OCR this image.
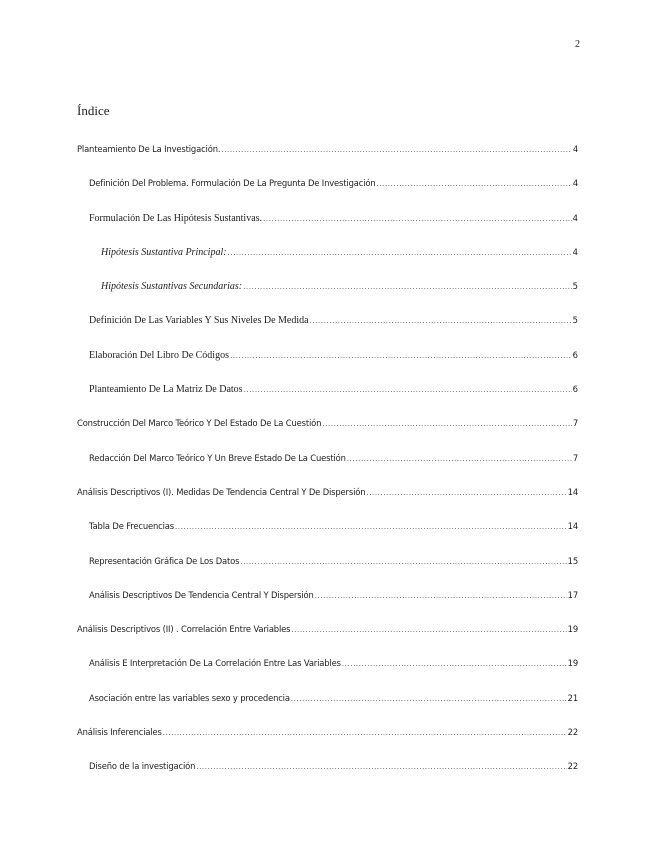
2
Índice
Planteamiento De La Investigación. .....	4
Definición Del Problema. Formulación De La Pregunta De Investigación .....	4
Formulación De Las Hipótesis Sustantivas. .....	4
Hipótesis Sustantiva Principal: .....	4
Hipótesis Sustantivas Secundarias: .....	5
Definición De Las Variables Y Sus Niveles De Medida .....	5
Elaboración Del Libro De Códigos .....	6
Planteamiento De La Matriz De Datos .....	6
Construcción Del Marco Teórico Y Del Estado De La Cuestión .....	7
Redacción Del Marco Teórico Y Un Breve Estado De La Cuestión .....	7
Análisis Descriptivos (I). Medidas De Tendencia Central Y De Dispersión .....	14
Tabla De Frecuencias .....	14
Representación Gráfica De Los Datos .....	15
Análisis Descriptivos De Tendencia Central Y Dispersión .....	17
Análisis Descriptivos (II) . Correlación Entre Variables .....	19
Análisis E Interpretación De La Correlación Entre Las Variables .....	19
Asociación entre las variables sexo y procedencia .....	21
Análisis Inferenciales .....	22
Diseño de la investigación .....	22
